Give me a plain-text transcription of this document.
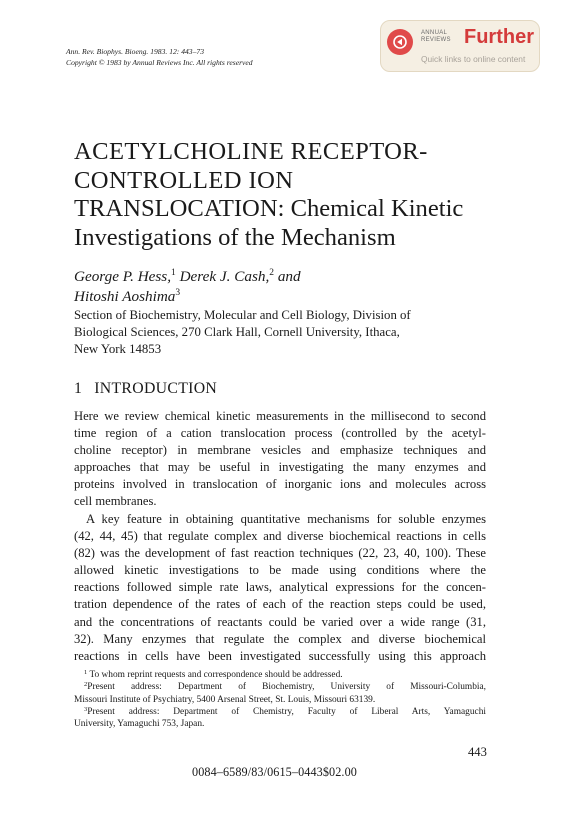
Ann. Rev. Biophys. Bioeng. 1983. 12: 443–73
Copyright © 1983 by Annual Reviews Inc. All rights reserved
ANNUAL
REVIEWS Further
Quick links to online content
ACETYLCHOLINE RECEPTOR-
CONTROLLED ION
TRANSLOCATION: Chemical Kinetic
Investigations of the Mechanism
George P. Hess,$^1$ Derek J. Cash,$^2$ and
Hitoshi Aoshima$^3$
Section of Biochemistry, Molecular and Cell Biology, Division of
Biological Sciences, 270 Clark Hall, Cornell University, Ithaca,
New York 14853
1 INTRODUCTION
Here we review chemical kinetic measurements in the millisecond to second
time region of a cation translocation process (controlled by the acetyl-
choline receptor) in membrane vesicles and emphasize techniques and
approaches that may be useful in investigating the many enzymes and
proteins involved in translocation of inorganic ions and molecules across
cell membranes.
A key feature in obtaining quantitative mechanisms for soluble enzymes
(42, 44, 45) that regulate complex and diverse biochemical reactions in cells
(82) was the development of fast reaction techniques (22, 23, 40, 100). These
allowed kinetic investigations to be made using conditions where the
reactions followed simple rate laws, analytical expressions for the concen-
tration dependence of the rates of each of the reaction steps could be used,
and the concentrations of reactants could be varied over a wide range (31,
32). Many enzymes that regulate the complex and diverse biochemical
reactions in cells have been investigated successfully using this approach
$^1$ To whom reprint requests and correspondence should be addressed.
$^2$Present address: Department of Biochemistry, University of Missouri-Columbia,
Missouri Institute of Psychiatry, 5400 Arsenal Street, St. Louis, Missouri 63139.
$^3$Present address: Department of Chemistry, Faculty of Liberal Arts, Yamaguchi
University, Yamaguchi 753, Japan.
443
0084–6589/83/0615–0443$02.00
